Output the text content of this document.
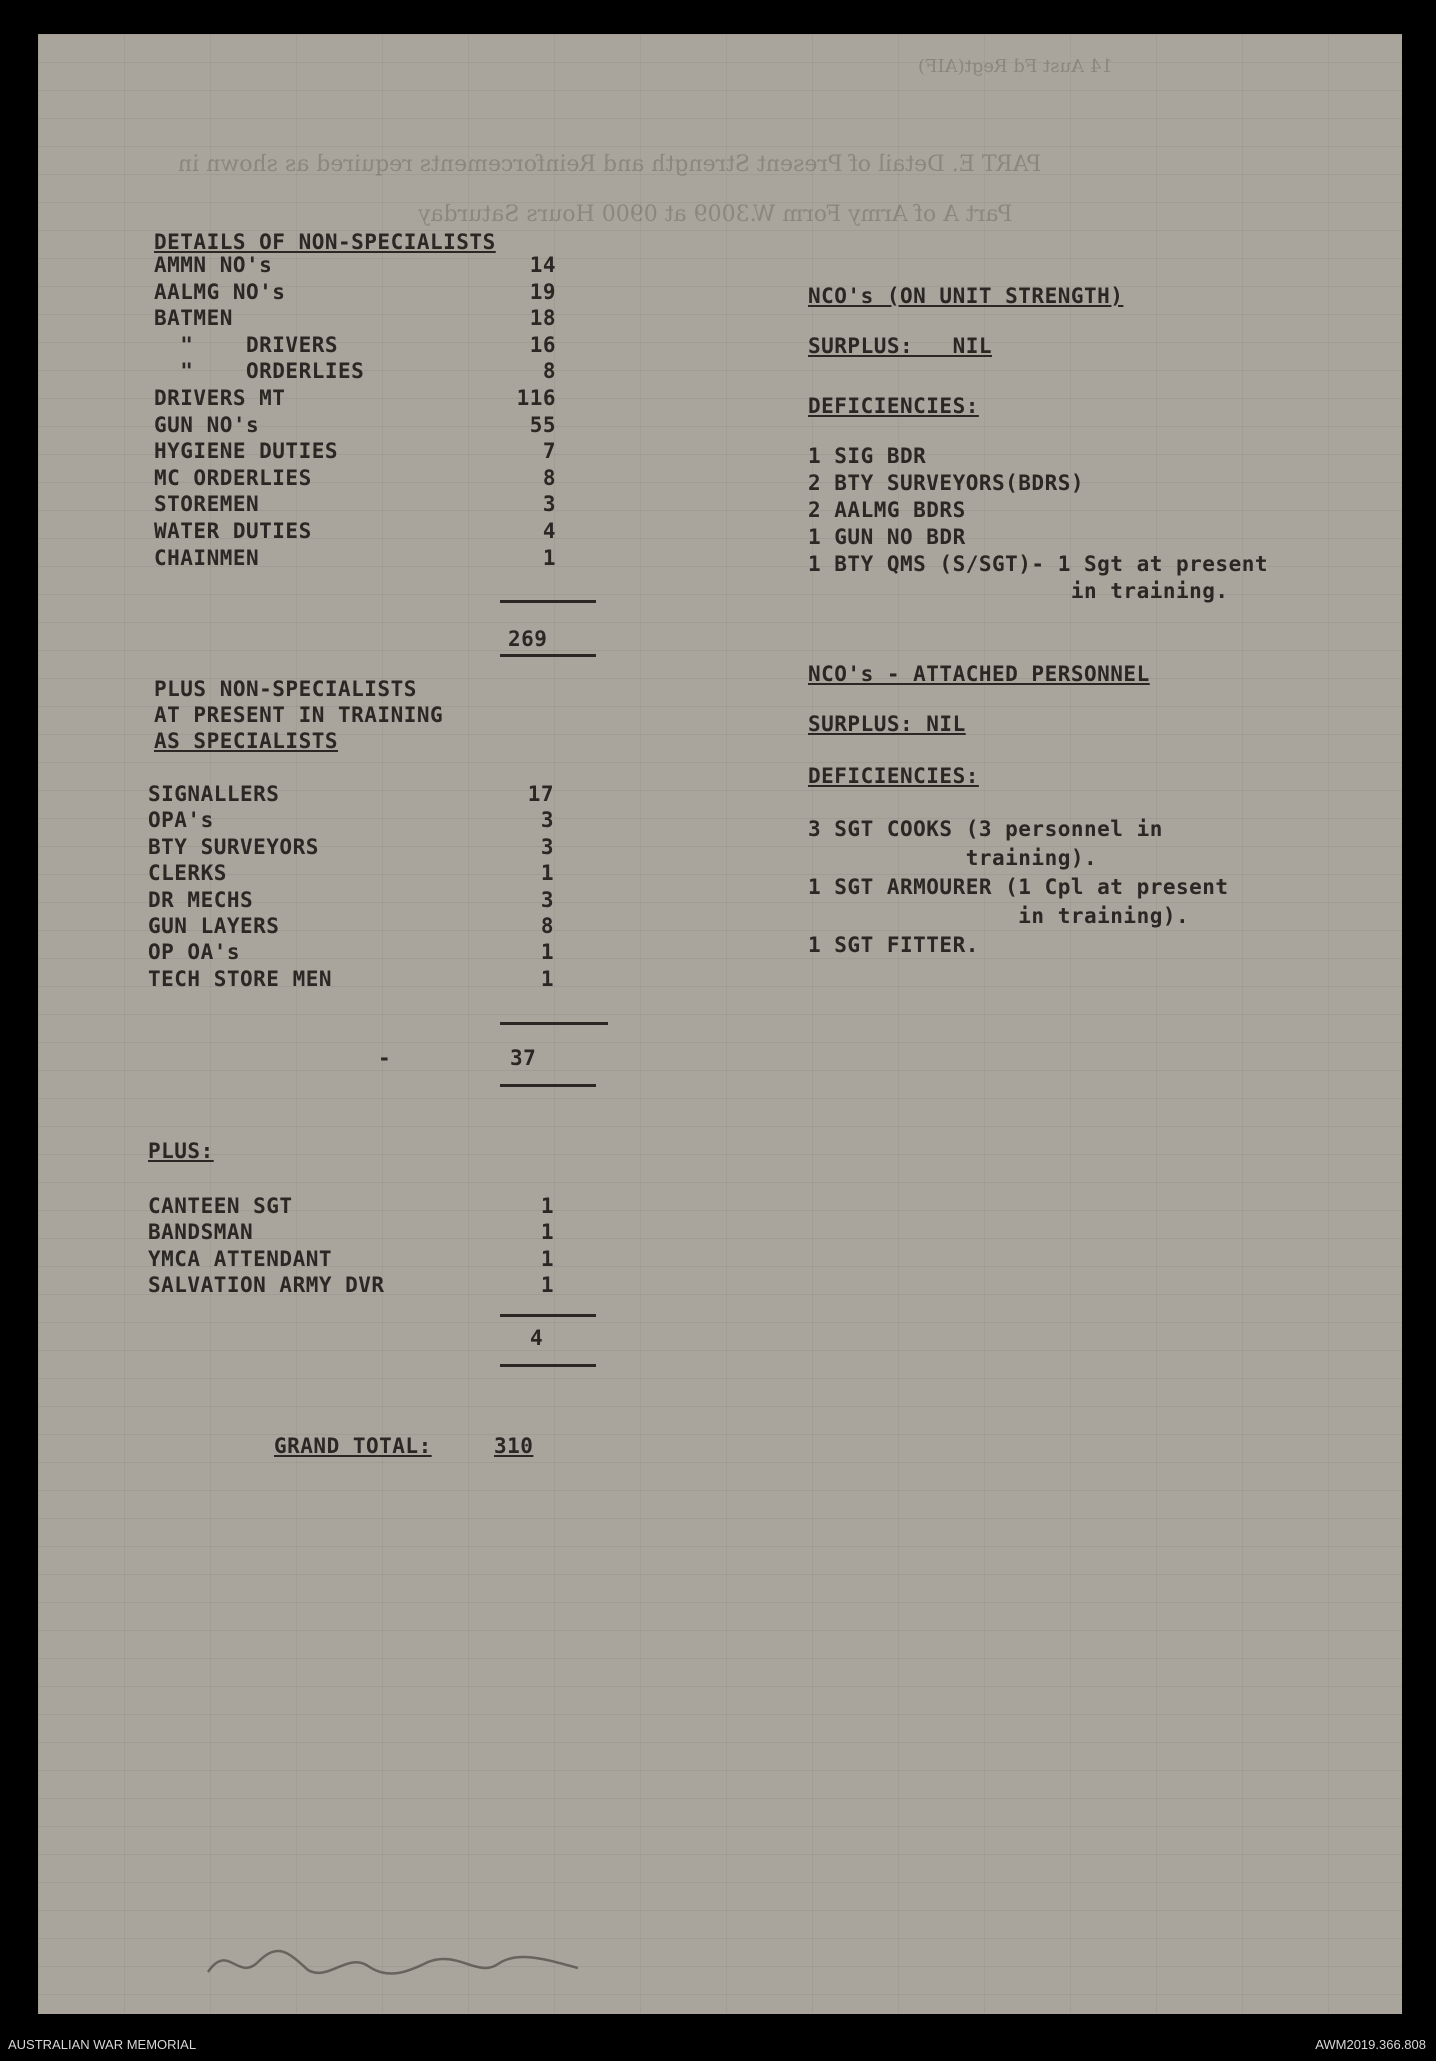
14 Aust Fd Regt(AIF)
PART E. Detail of Present Strength and Reinforcements required as shown in
Part A of Army Form W.3009 at 0900 Hours Saturday
DETAILS OF NON-SPECIALISTS
AMMN NO's	14
AALMG NO's	19
BATMEN	18
"    DRIVERS	16
"    ORDERLIES	8
DRIVERS MT	116
GUN NO's	55
HYGIENE DUTIES	7
MC ORDERLIES	8
STOREMEN	3
WATER DUTIES	4
CHAINMEN	1
269
PLUS NON-SPECIALISTS
AT PRESENT IN TRAINING
AS SPECIALISTS
SIGNALLERS	17
OPA's	3
BTY SURVEYORS	3
CLERKS	1
DR MECHS	3
GUN LAYERS	8
OP OA's	1
TECH STORE MEN	1
-	37
PLUS:
CANTEEN SGT	1
BANDSMAN	1
YMCA ATTENDANT	1
SALVATION ARMY DVR	1
4
GRAND TOTAL:	310
NCO's (ON UNIT STRENGTH)
SURPLUS:   NIL
DEFICIENCIES:
1 SIG BDR
2 BTY SURVEYORS(BDRS)
2 AALMG BDRS
1 GUN NO BDR
1 BTY QMS (S/SGT)- 1 Sgt at present
in training.
NCO's - ATTACHED PERSONNEL
SURPLUS: NIL
DEFICIENCIES:
3 SGT COOKS (3 personnel in
training).
1 SGT ARMOURER (1 Cpl at present
in training).
1 SGT FITTER.
AUSTRALIAN WAR MEMORIAL	AWM2019.366.808
